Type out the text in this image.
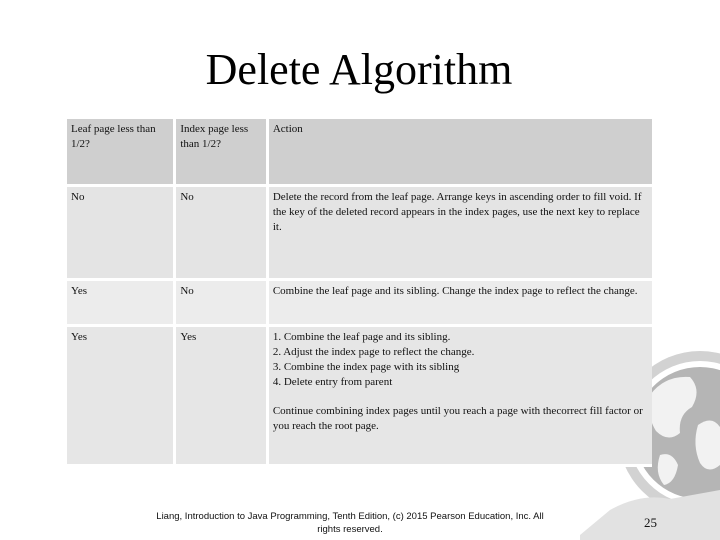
Delete Algorithm
Leaf page less than 1/2?	Index page less than 1/2?	Action
No	No	Delete the record from the leaf page. Arrange keys in ascending order to fill void. If the key of the deleted record appears in the index pages, use the next key to replace it.
Yes	No	Combine the leaf page and its sibling. Change the index page to reflect the change.
Yes	Yes	1. Combine the leaf page and its sibling.
2. Adjust the index page to reflect the change.
3. Combine the index page with its sibling
4. Delete entry from parent
Continue combining index pages until you reach a page with thecorrect fill factor or you reach the root page.
Liang, Introduction to Java Programming, Tenth Edition, (c) 2015 Pearson Education, Inc. All
rights reserved.	25
